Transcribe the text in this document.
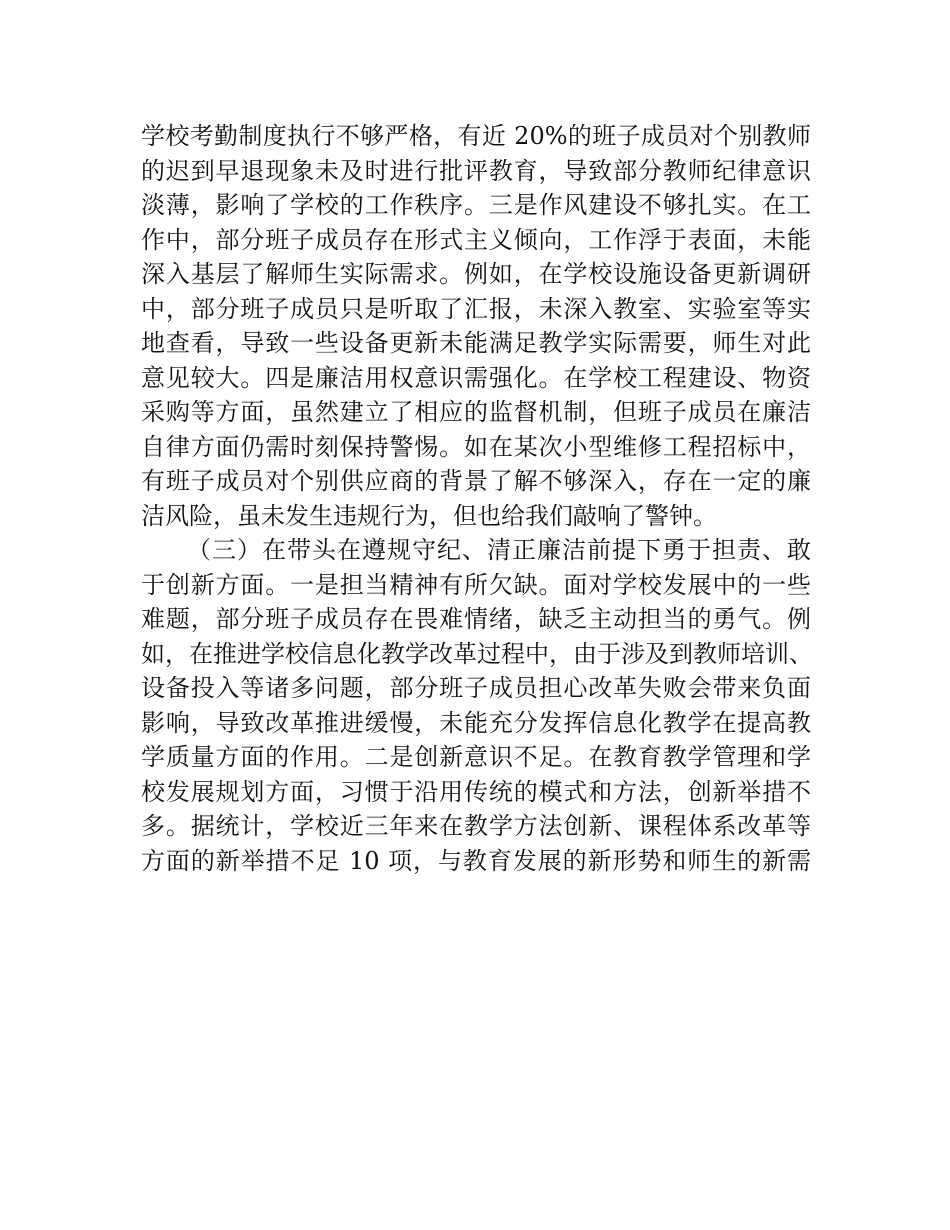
学校考勤制度执行不够严格，有近 20%的班子成员对个别教师
的迟到早退现象未及时进行批评教育，导致部分教师纪律意识
淡薄，影响了学校的工作秩序。三是作风建设不够扎实。在工
作中，部分班子成员存在形式主义倾向，工作浮于表面，未能
深入基层了解师生实际需求。例如，在学校设施设备更新调研
中，部分班子成员只是听取了汇报，未深入教室、实验室等实
地查看，导致一些设备更新未能满足教学实际需要，师生对此
意见较大。四是廉洁用权意识需强化。在学校工程建设、物资
采购等方面，虽然建立了相应的监督机制，但班子成员在廉洁
自律方面仍需时刻保持警惕。如在某次小型维修工程招标中，
有班子成员对个别供应商的背景了解不够深入，存在一定的廉
洁风险，虽未发生违规行为，但也给我们敲响了警钟。
（三）在带头在遵规守纪、清正廉洁前提下勇于担责、敢
于创新方面。一是担当精神有所欠缺。面对学校发展中的一些
难题，部分班子成员存在畏难情绪，缺乏主动担当的勇气。例
如，在推进学校信息化教学改革过程中，由于涉及到教师培训、
设备投入等诸多问题，部分班子成员担心改革失败会带来负面
影响，导致改革推进缓慢，未能充分发挥信息化教学在提高教
学质量方面的作用。二是创新意识不足。在教育教学管理和学
校发展规划方面，习惯于沿用传统的模式和方法，创新举措不
多。据统计，学校近三年来在教学方法创新、课程体系改革等
方面的新举措不足 10 项，与教育发展的新形势和师生的新需
